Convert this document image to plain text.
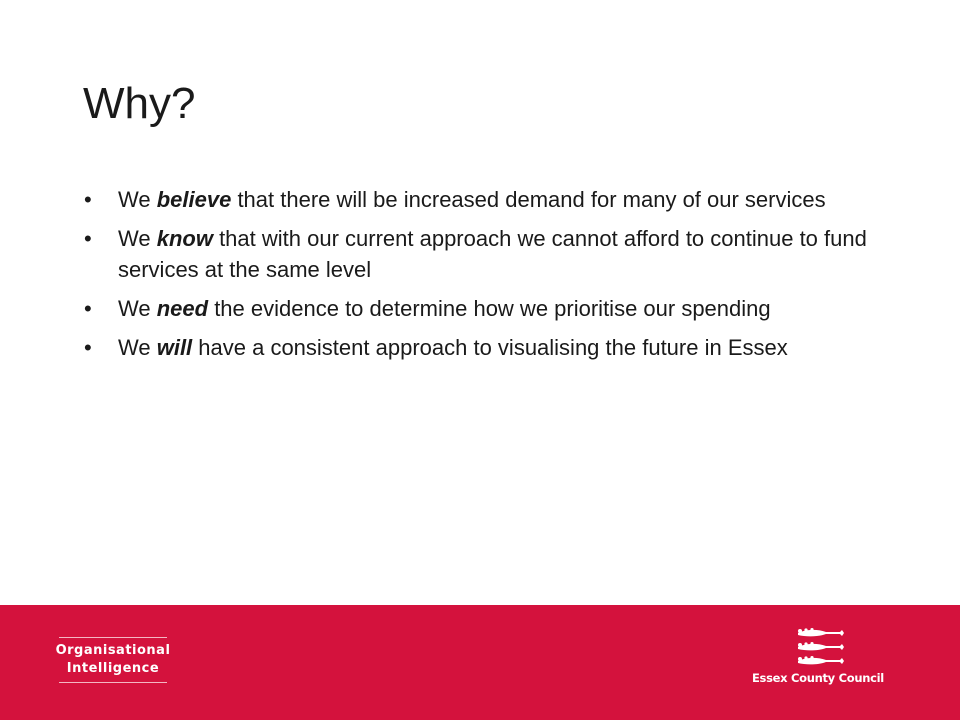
Why?
• We believe that there will be increased demand for many of our services
• We know that with our current approach we cannot afford to continue to fund services at the same level
• We need the evidence to determine how we prioritise our spending
• We will have a consistent approach to visualising the future in Essex
Organisational
Intelligence
Essex County Council
